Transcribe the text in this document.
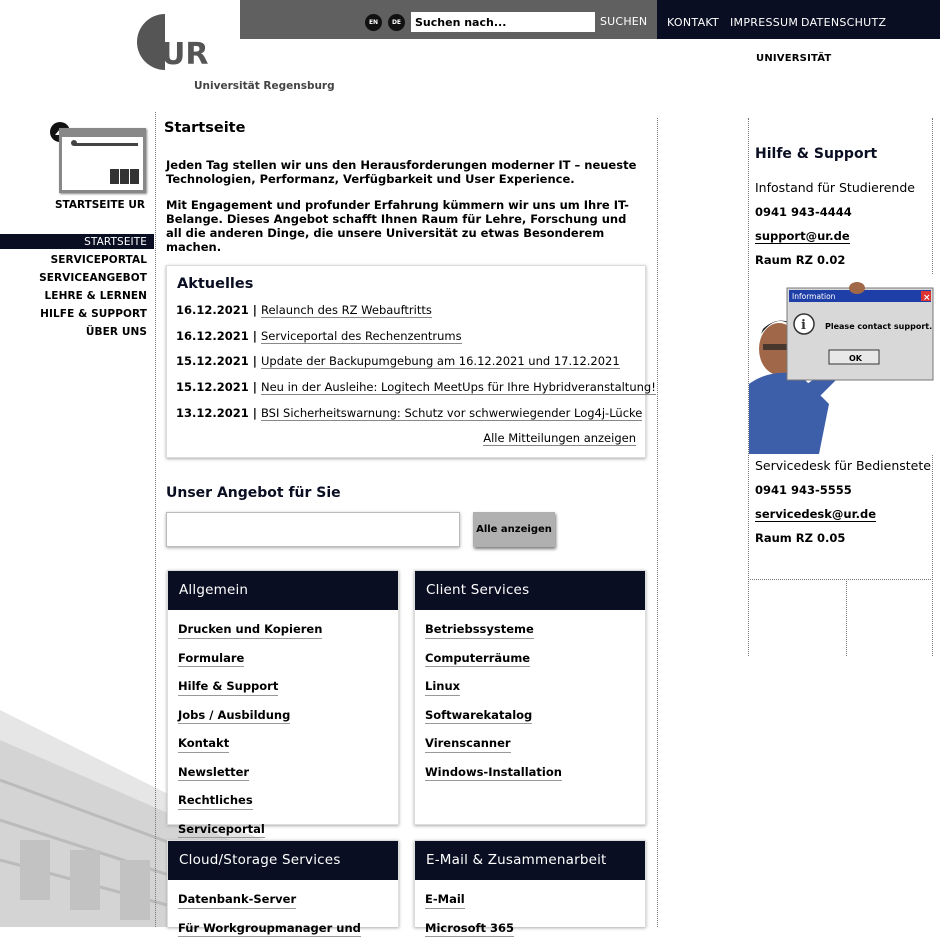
EN	DE
Suchen nach...	SUCHEN KONTAKT IMPRESSUM DATENSCHUTZ
UNIVERSITÄT
UR
Universität Regensburg
STARTSEITE UR
STARTSEITE
SERVICEPORTAL
SERVICEANGEBOT
LEHRE & LERNEN
HILFE & SUPPORT
ÜBER UNS
Startseite

Jeden Tag stellen wir uns den Herausforderungen moderner IT – neueste Technologien, Performanz, Verfügbarkeit und User Experience.

Mit Engagement und profunder Erfahrung kümmern wir uns um Ihre IT-Belange. Dieses Angebot schafft Ihnen Raum für Lehre, Forschung und all die anderen Dinge, die unsere Universität zu etwas Besonderem machen.

Aktuelles
16.12.2021 | Relaunch des RZ Webauftritts
16.12.2021 | Serviceportal des Rechenzentrums
15.12.2021 | Update der Backupumgebung am 16.12.2021 und 17.12.2021
15.12.2021 | Neu in der Ausleihe: Logitech MeetUps für Ihre Hybridveranstaltung!
13.12.2021 | BSI Sicherheitswarnung: Schutz vor schwerwiegender Log4j-Lücke
Alle Mitteilungen anzeigen
Unser Angebot für Sie
Alle anzeigen
Allgemein
Drucken und Kopieren
Formulare
Hilfe & Support
Jobs / Ausbildung
Kontakt
Newsletter
Rechtliches
Serviceportal
Client Services
Betriebssysteme
Computerräume
Linux
Softwarekatalog
Virenscanner
Windows-Installation
Cloud/Storage Services
Datenbank-Server
Für Workgroupmanager und
E-Mail & Zusammenarbeit
E-Mail
Microsoft 365
Hilfe & Support
Infostand für Studierende
0941 943-4444
support@ur.de
Raum RZ 0.02
Information	×
i Please contact support.
OK
Servicedesk für Bedienstete
0941 943-5555
servicedesk@ur.de
Raum RZ 0.05
